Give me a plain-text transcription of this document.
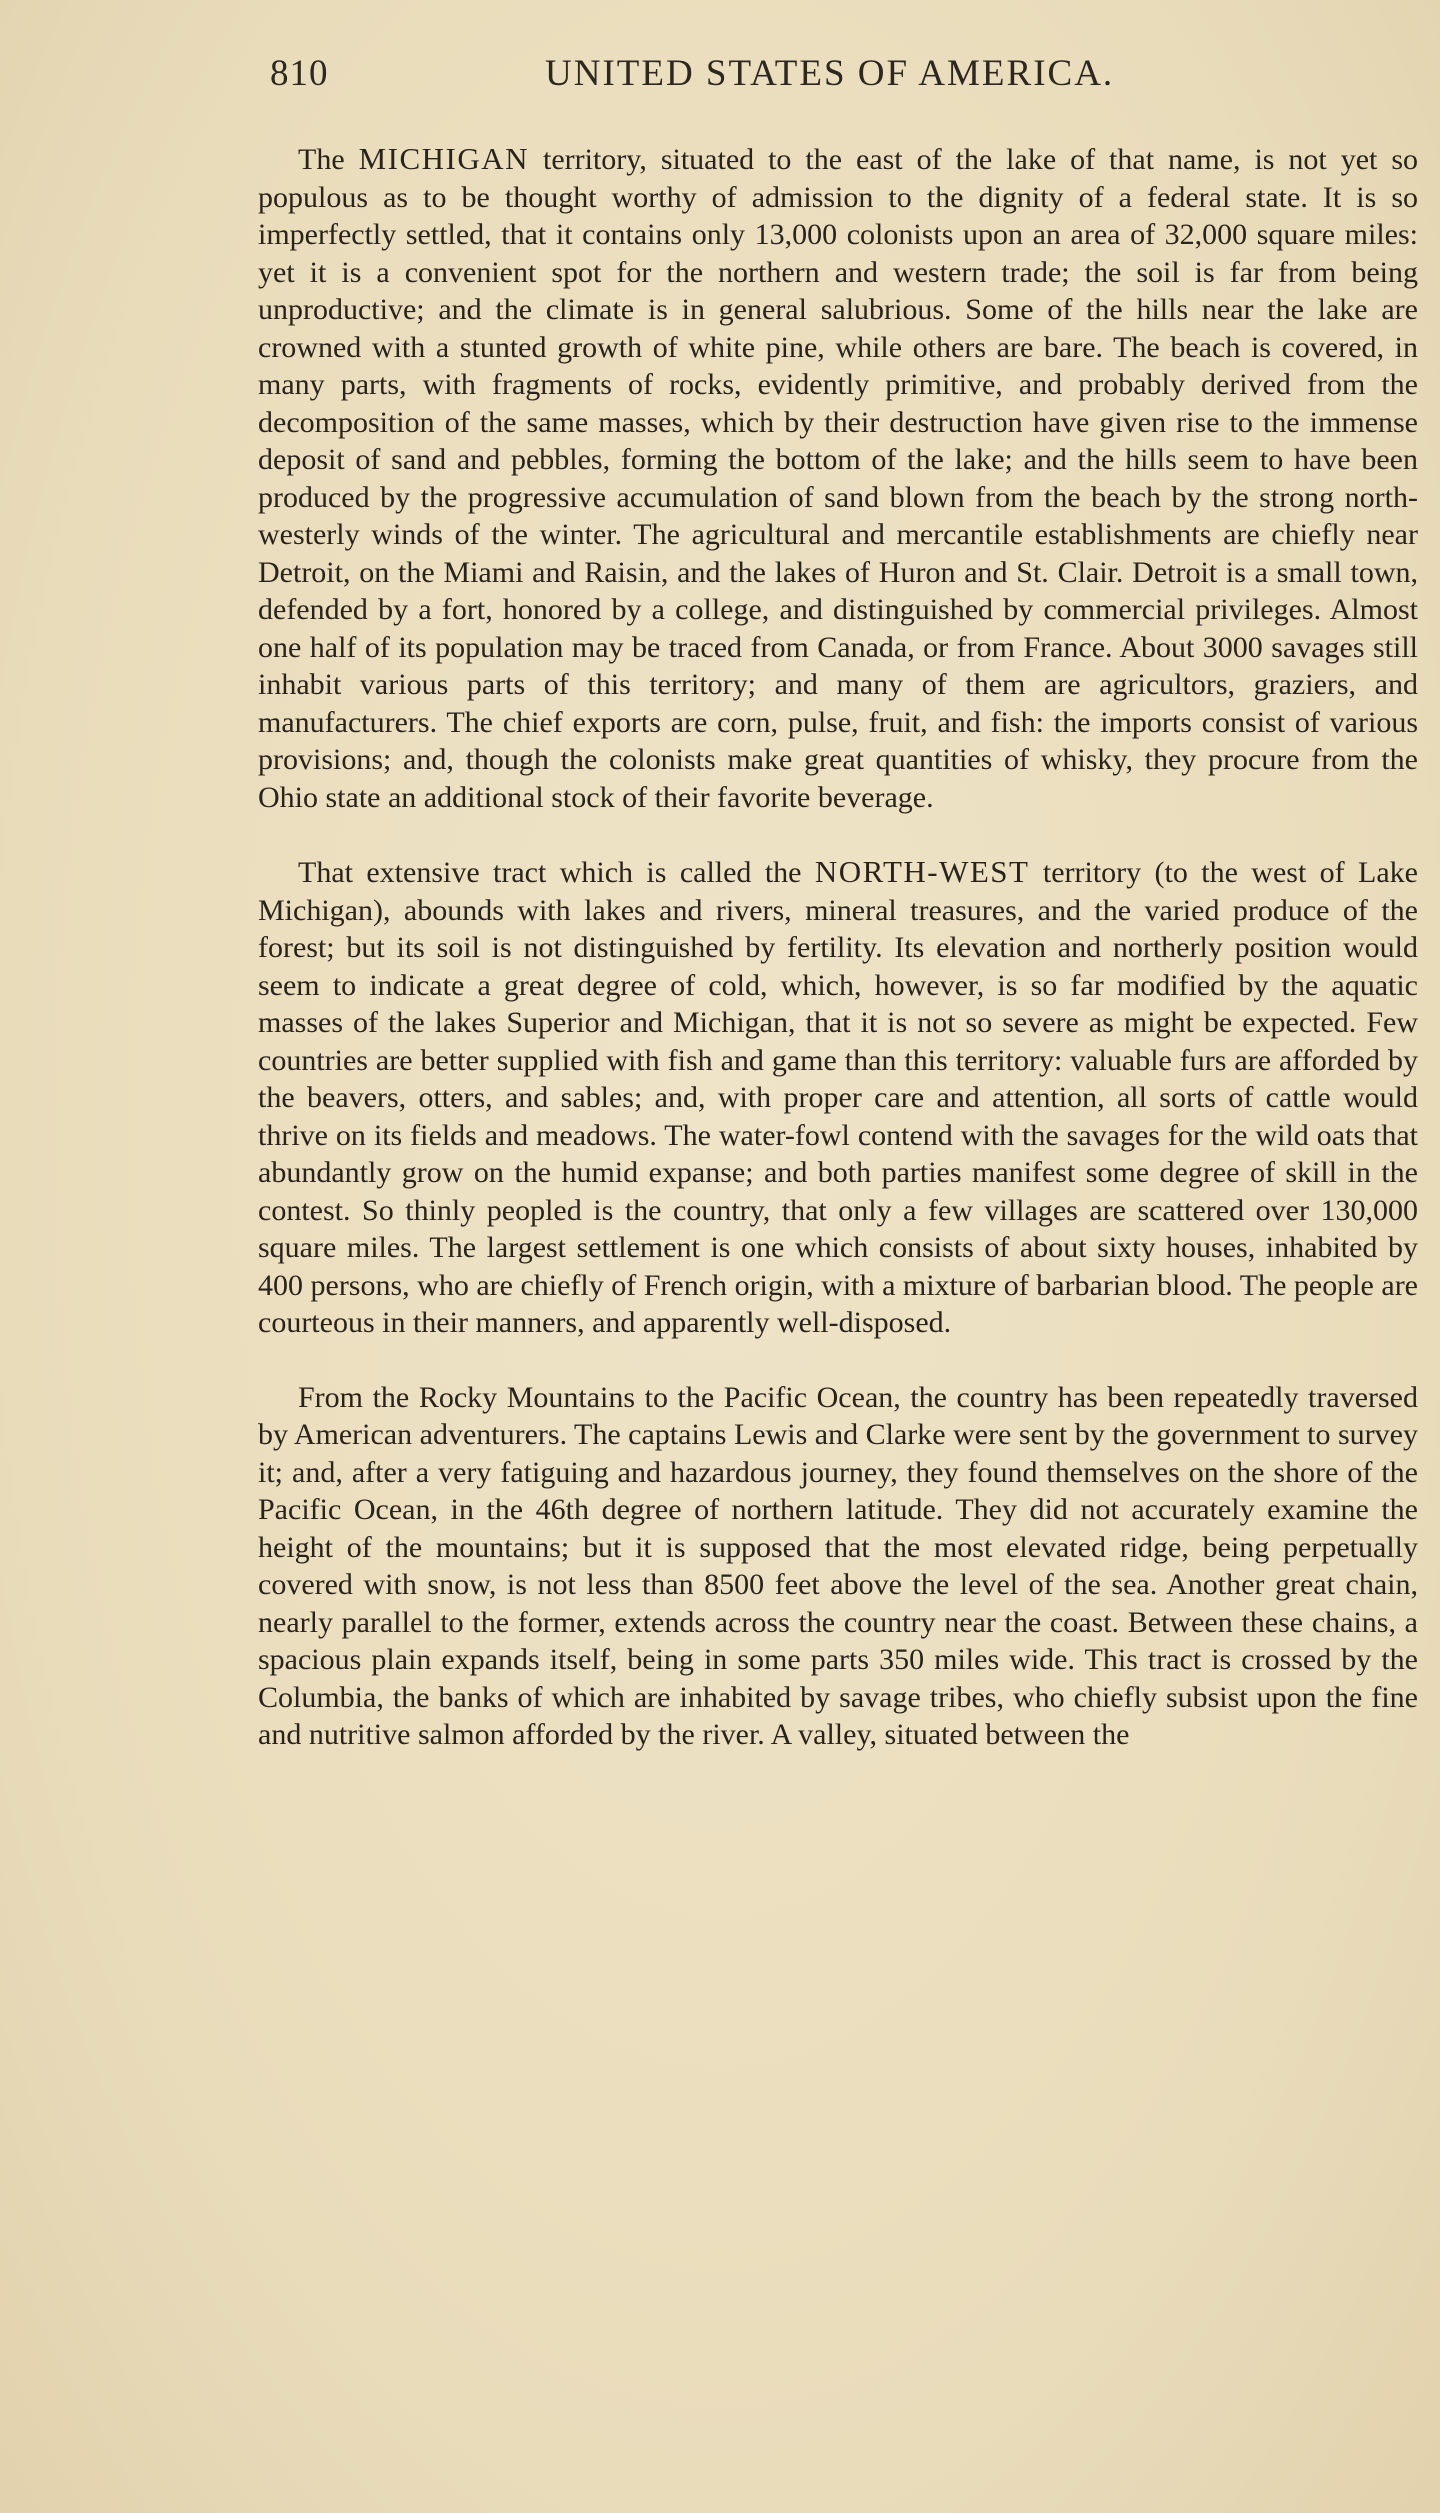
810	UNITED STATES OF AMERICA.

The MICHIGAN territory, situated to the east of the lake of that name, is not yet so populous as to be thought worthy of admission to the dignity of a federal state. It is so imperfectly settled, that it contains only 13,000 colonists upon an area of 32,000 square miles: yet it is a convenient spot for the northern and western trade; the soil is far from being unproductive; and the climate is in general salubrious. Some of the hills near the lake are crowned with a stunted growth of white pine, while others are bare. The beach is covered, in many parts, with fragments of rocks, evidently primitive, and probably derived from the decomposition of the same masses, which by their destruction have given rise to the immense deposit of sand and pebbles, forming the bottom of the lake; and the hills seem to have been produced by the progressive accumulation of sand blown from the beach by the strong north-westerly winds of the winter. The agricultural and mercantile establishments are chiefly near Detroit, on the Miami and Raisin, and the lakes of Huron and St. Clair. Detroit is a small town, defended by a fort, honored by a college, and distinguished by commercial privileges. Almost one half of its population may be traced from Canada, or from France. About 3000 savages still inhabit various parts of this territory; and many of them are agricultors, graziers, and manufacturers. The chief exports are corn, pulse, fruit, and fish: the imports consist of various provisions; and, though the colonists make great quantities of whisky, they procure from the Ohio state an additional stock of their favorite beverage.

That extensive tract which is called the NORTH-WEST territory (to the west of Lake Michigan), abounds with lakes and rivers, mineral treasures, and the varied produce of the forest; but its soil is not distinguished by fertility. Its elevation and northerly position would seem to indicate a great degree of cold, which, however, is so far modified by the aquatic masses of the lakes Superior and Michigan, that it is not so severe as might be expected. Few countries are better supplied with fish and game than this territory: valuable furs are afforded by the beavers, otters, and sables; and, with proper care and attention, all sorts of cattle would thrive on its fields and meadows. The water-fowl contend with the savages for the wild oats that abundantly grow on the humid expanse; and both parties manifest some degree of skill in the contest. So thinly peopled is the country, that only a few villages are scattered over 130,000 square miles. The largest settlement is one which consists of about sixty houses, inhabited by 400 persons, who are chiefly of French origin, with a mixture of barbarian blood. The people are courteous in their manners, and apparently well-disposed.

From the Rocky Mountains to the Pacific Ocean, the country has been repeatedly traversed by American adventurers. The captains Lewis and Clarke were sent by the government to survey it; and, after a very fatiguing and hazardous journey, they found themselves on the shore of the Pacific Ocean, in the 46th degree of northern latitude. They did not accurately examine the height of the mountains; but it is supposed that the most elevated ridge, being perpetually covered with snow, is not less than 8500 feet above the level of the sea. Another great chain, nearly parallel to the former, extends across the country near the coast. Between these chains, a spacious plain expands itself, being in some parts 350 miles wide. This tract is crossed by the Columbia, the banks of which are inhabited by savage tribes, who chiefly subsist upon the fine and nutritive salmon afforded by the river. A valley, situated between the
